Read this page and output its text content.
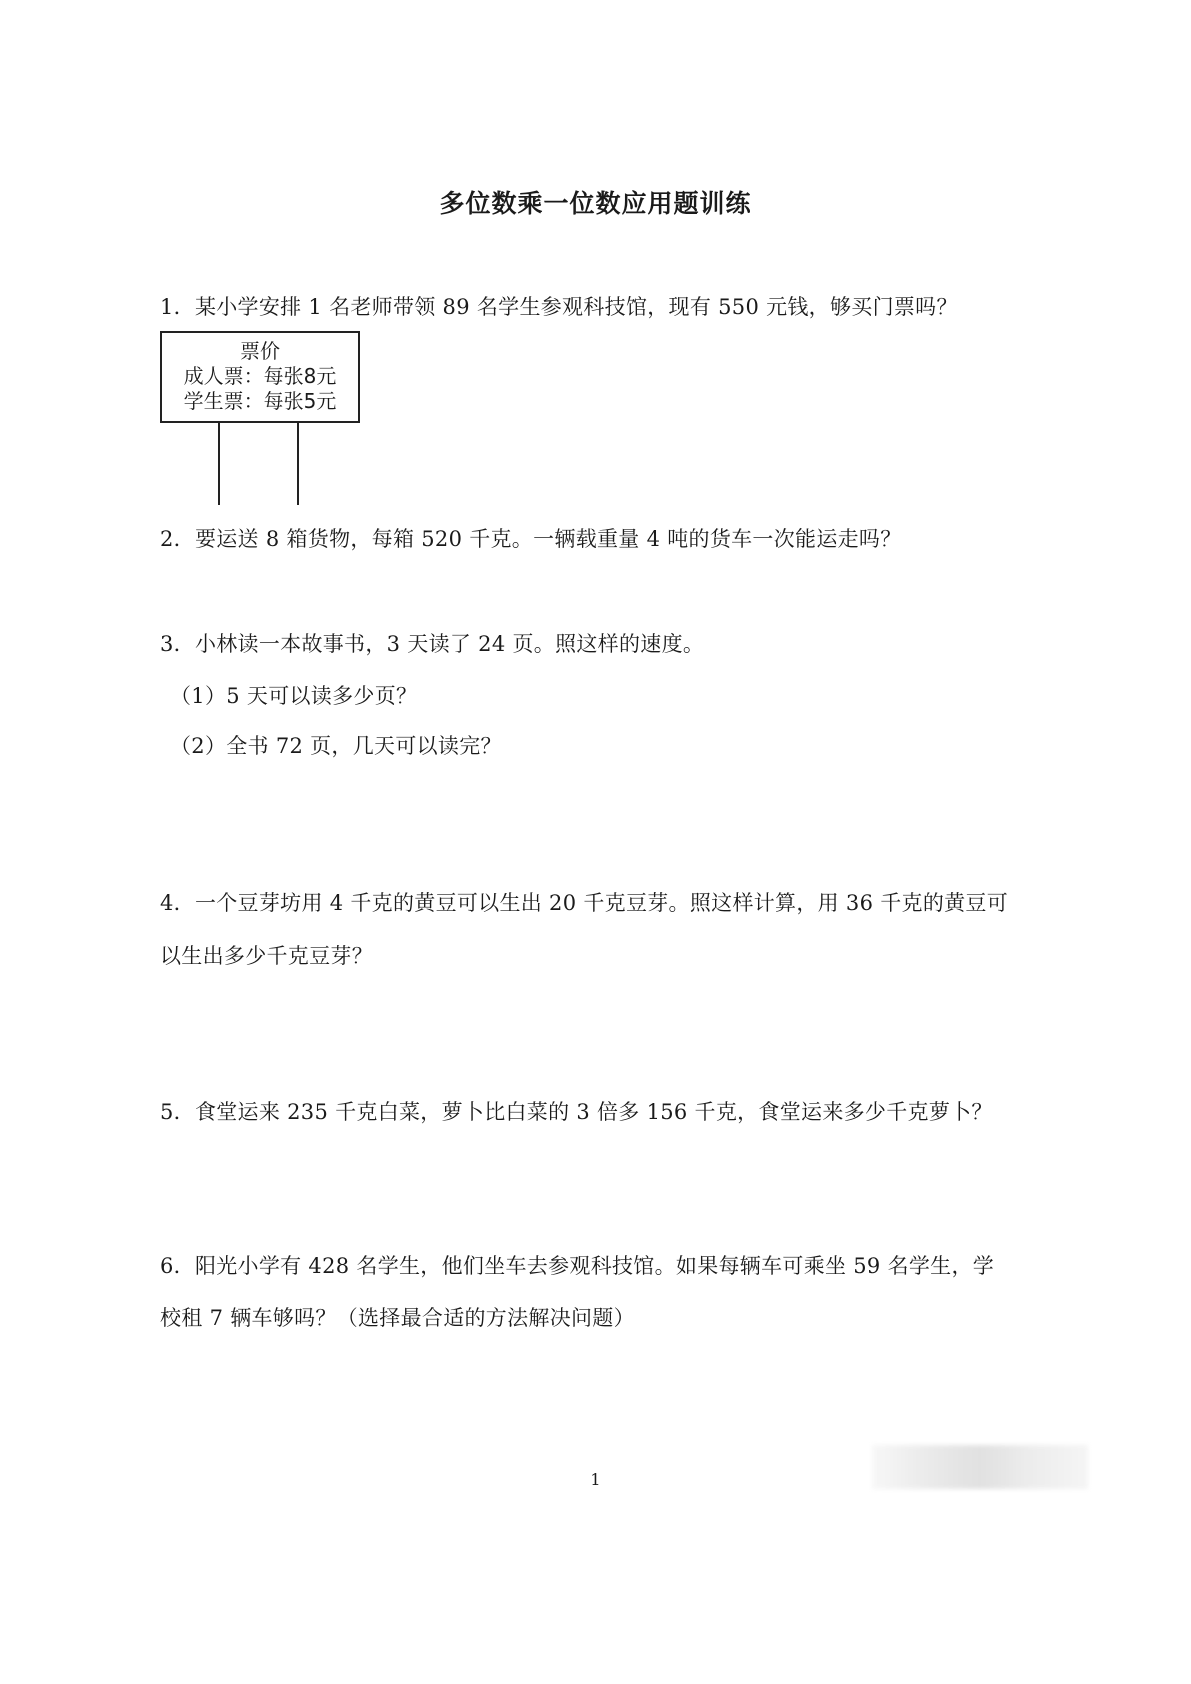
多位数乘一位数应用题训练
1．某小学安排 1 名老师带领 89 名学生参观科技馆，现有 550 元钱，够买门票吗？
票价
成人票：每张8元
学生票：每张5元
2．要运送 8 箱货物，每箱 520 千克。一辆载重量 4 吨的货车一次能运走吗？
3．小林读一本故事书，3 天读了 24 页。照这样的速度。
（1）5 天可以读多少页？
（2）全书 72 页，几天可以读完？
4．一个豆芽坊用 4 千克的黄豆可以生出 20 千克豆芽。照这样计算，用 36 千克的黄豆可
以生出多少千克豆芽？
5．食堂运来 235 千克白菜，萝卜比白菜的 3 倍多 156 千克，食堂运来多少千克萝卜？
6．阳光小学有 428 名学生，他们坐车去参观科技馆。如果每辆车可乘坐 59 名学生，学
校租 7 辆车够吗？（选择最合适的方法解决问题）
1
